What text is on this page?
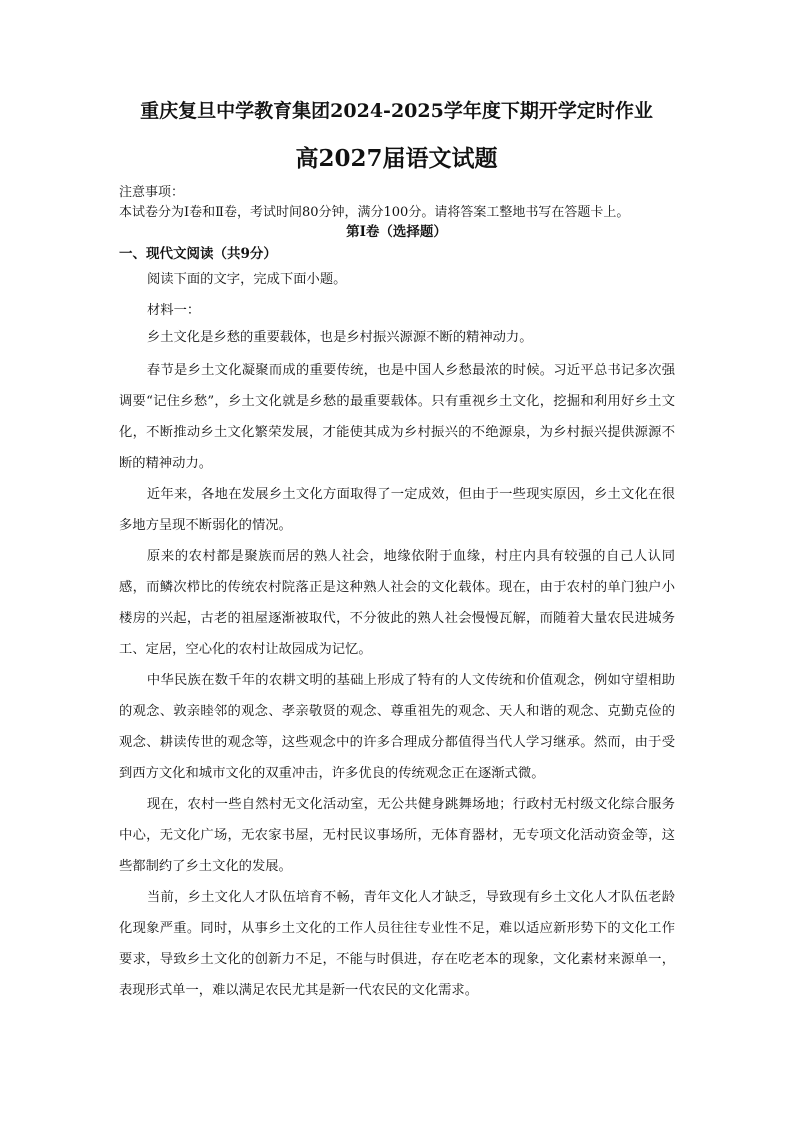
重庆复旦中学教育集团2024-2025学年度下期开学定时作业
高2027届语文试题
注意事项：
本试卷分为Ⅰ卷和Ⅱ卷，考试时间80分钟，满分100分。请将答案工整地书写在答题卡上。
第Ⅰ卷（选择题）
一、现代文阅读（共9分）
阅读下面的文字，完成下面小题。
材料一：

乡土文化是乡愁的重要载体，也是乡村振兴源源不断的精神动力。

春节是乡土文化凝聚而成的重要传统，也是中国人乡愁最浓的时候。习近平总书记多次强调要“记住乡愁”，乡土文化就是乡愁的最重要载体。只有重视乡土文化，挖掘和利用好乡土文化，不断推动乡土文化繁荣发展，才能使其成为乡村振兴的不绝源泉，为乡村振兴提供源源不断的精神动力。

近年来，各地在发展乡土文化方面取得了一定成效，但由于一些现实原因，乡土文化在很多地方呈现不断弱化的情况。

原来的农村都是聚族而居的熟人社会，地缘依附于血缘，村庄内具有较强的自己人认同感，而鳞次栉比的传统农村院落正是这种熟人社会的文化载体。现在，由于农村的单门独户小楼房的兴起，古老的祖屋逐渐被取代，不分彼此的熟人社会慢慢瓦解，而随着大量农民进城务工、定居，空心化的农村让故园成为记忆。

中华民族在数千年的农耕文明的基础上形成了特有的人文传统和价值观念，例如守望相助的观念、敦亲睦邻的观念、孝亲敬贤的观念、尊重祖先的观念、天人和谐的观念、克勤克俭的观念、耕读传世的观念等，这些观念中的许多合理成分都值得当代人学习继承。然而，由于受到西方文化和城市文化的双重冲击，许多优良的传统观念正在逐渐式微。

现在，农村一些自然村无文化活动室，无公共健身跳舞场地；行政村无村级文化综合服务中心，无文化广场，无农家书屋，无村民议事场所，无体育器材，无专项文化活动资金等，这些都制约了乡土文化的发展。

当前，乡土文化人才队伍培育不畅，青年文化人才缺乏，导致现有乡土文化人才队伍老龄化现象严重。同时，从事乡土文化的工作人员往往专业性不足，难以适应新形势下的文化工作要求，导致乡土文化的创新力不足，不能与时俱进，存在吃老本的现象，文化素材来源单一，表现形式单一，难以满足农民尤其是新一代农民的文化需求。
